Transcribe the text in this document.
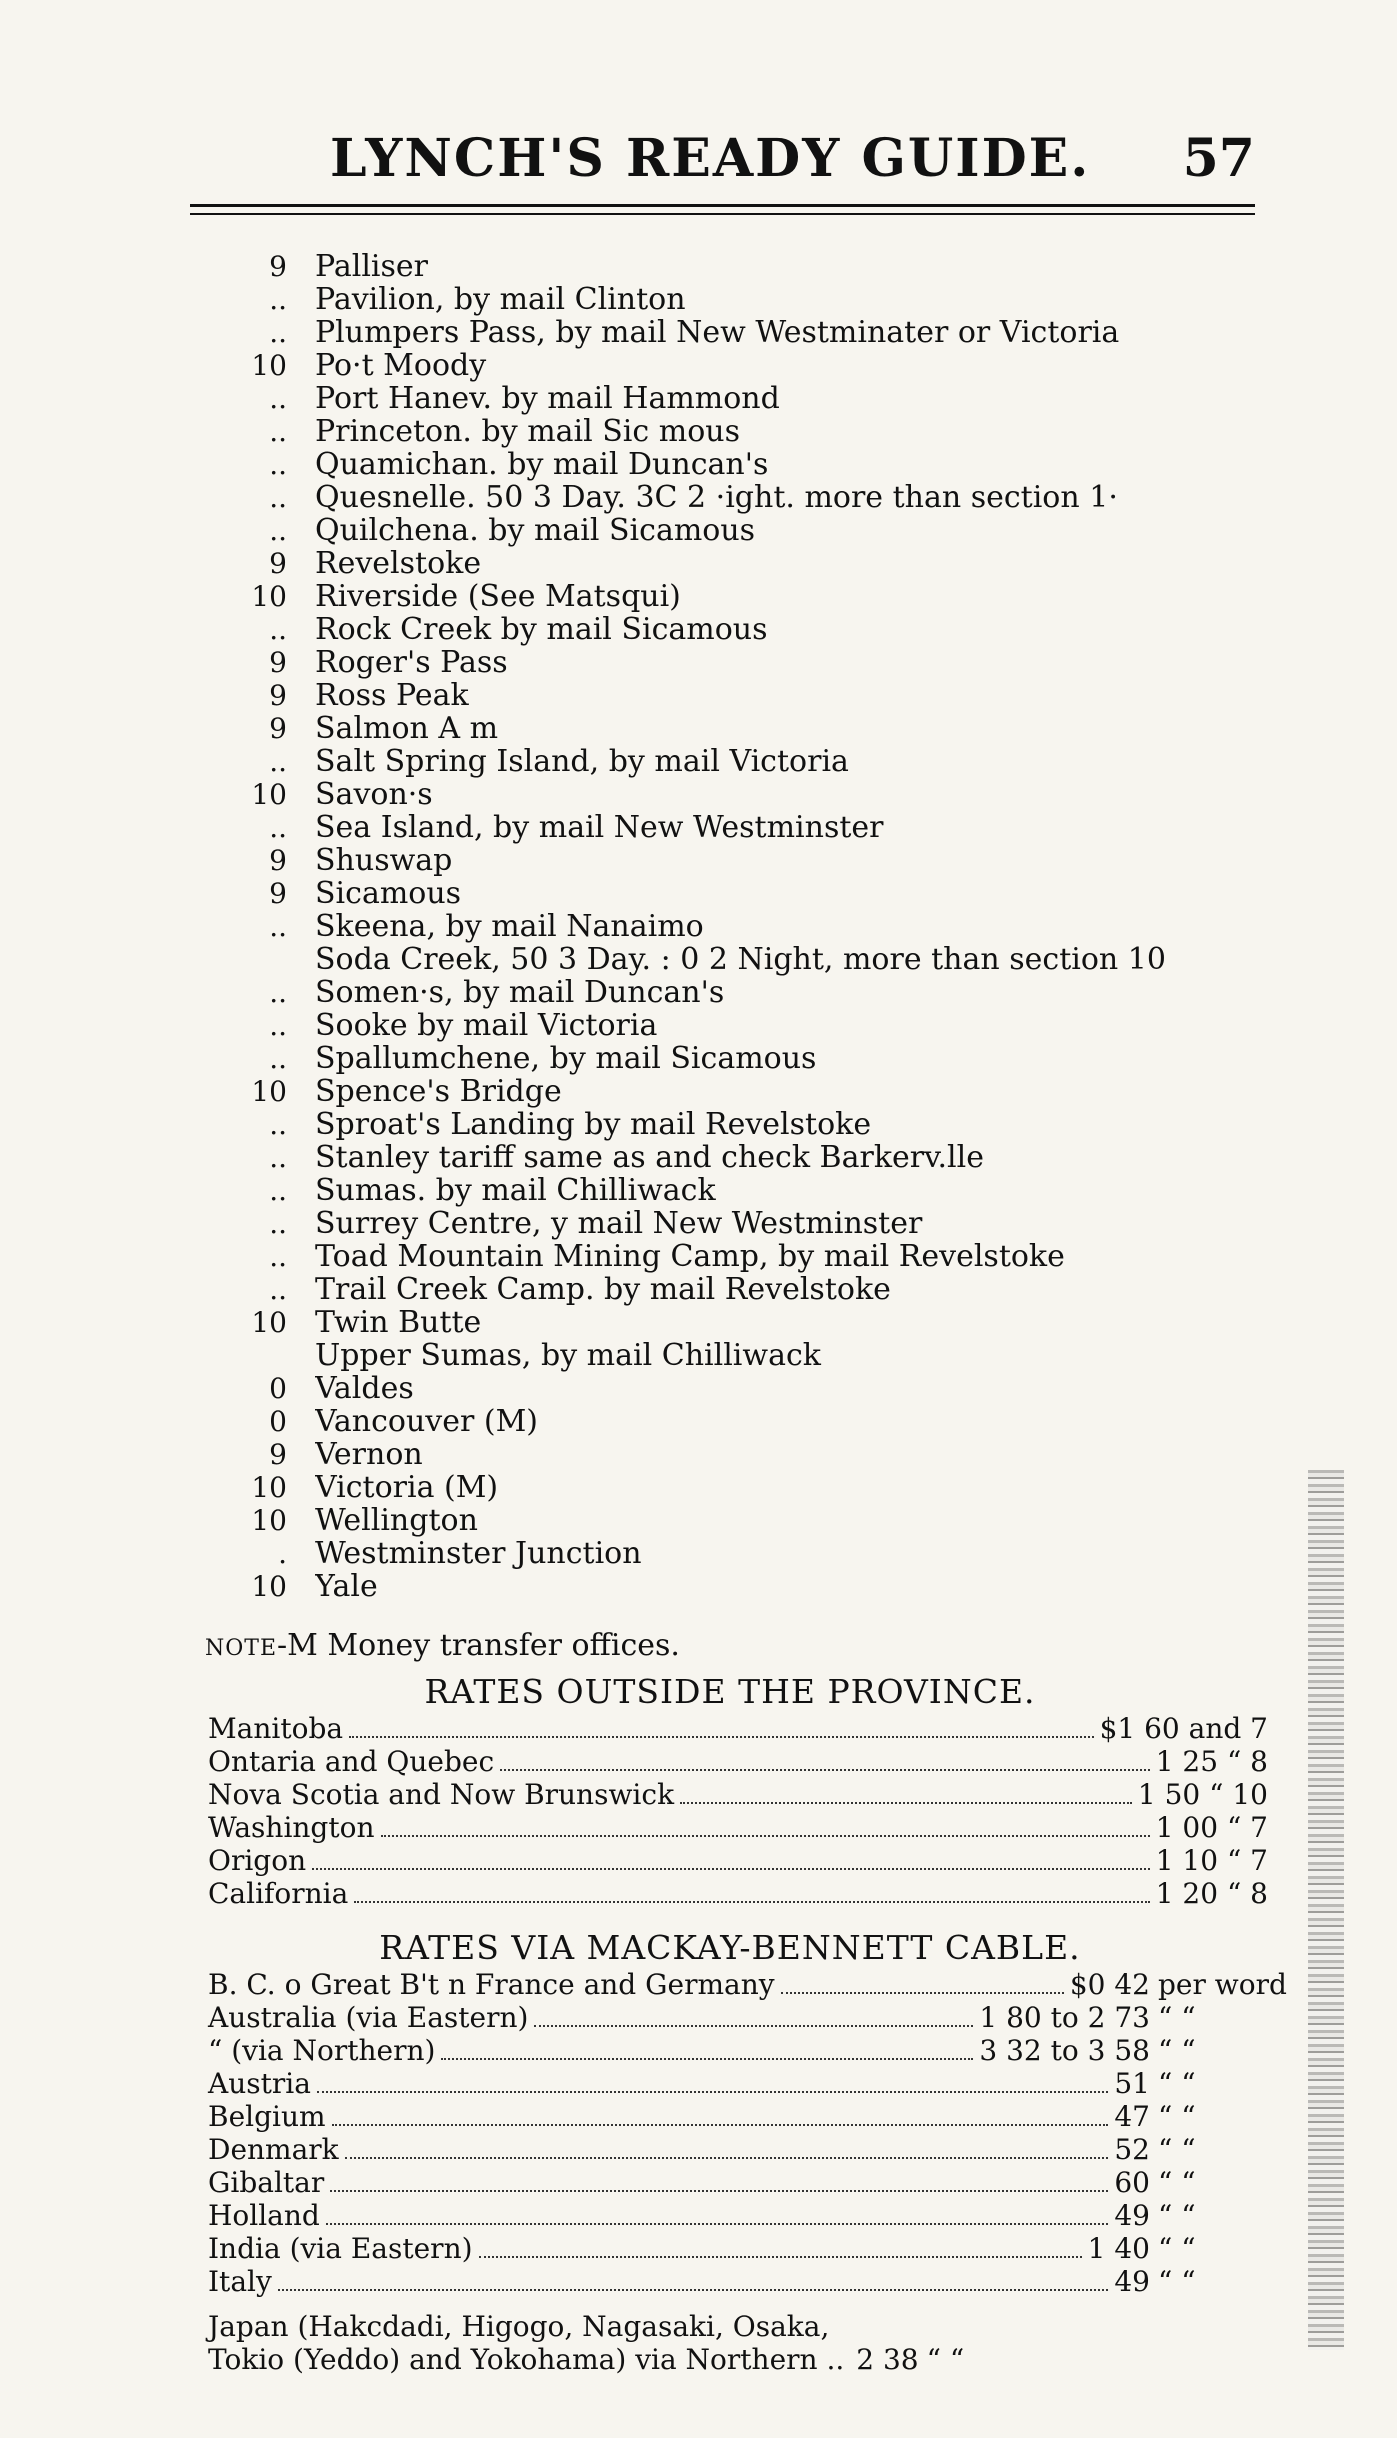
LYNCH'S READY GUIDE. 57
9 Palliser
.. Pavilion, by mail Clinton
.. Plumpers Pass, by mail New Westminater or Victoria
10 Po·t Moody
.. Port Hanev. by mail Hammond
.. Princeton. by mail Sic mous
.. Quamichan. by mail Duncan's
.. Quesnelle. 50 3 Day. 3C 2 ·ight. more than section 1·
.. Quilchena. by mail Sicamous
9 Revelstoke
10 Riverside (See Matsqui)
.. Rock Creek by mail Sicamous
9 Roger's Pass
9 Ross Peak
9 Salmon A m
.. Salt Spring Island, by mail Victoria
10 Savon·s
.. Sea Island, by mail New Westminster
9 Shuswap
9 Sicamous
.. Skeena, by mail Nanaimo
Soda Creek, 50 3 Day. : 0 2 Night, more than section 10
.. Somen·s, by mail Duncan's
.. Sooke by mail Victoria
.. Spallumchene, by mail Sicamous
10 Spence's Bridge
.. Sproat's Landing by mail Revelstoke
.. Stanley tariff same as and check Barkerv.lle
.. Sumas. by mail Chilliwack
.. Surrey Centre, y mail New Westminster
.. Toad Mountain Mining Camp, by mail Revelstoke
.. Trail Creek Camp. by mail Revelstoke
10 Twin Butte
Upper Sumas, by mail Chilliwack
0 Valdes
0 Vancouver (M)
9 Vernon
10 Victoria (M)
10 Wellington
. Westminster Junction
10 Yale
NOTE-M Money transfer offices.
RATES OUTSIDE THE PROVINCE.
Manitoba	$1 60 and 7
Ontaria and Quebec	1 25 “ 8
Nova Scotia and Now Brunswick	1 50 “ 10
Washington	1 00 “ 7
Origon	1 10 “ 7
California	1 20 “ 8
RATES VIA MACKAY-BENNETT CABLE.
B. C. o Great B't n France and Germany	$0 42 per word
Australia (via Eastern)	1 80 to 2 73 “ “
“ (via Northern)	3 32 to 3 58 “ “
Austria	51 “ “
Belgium	47 “ “
Denmark	52 “ “
Gibaltar	60 “ “
Holland	49 “ “
India (via Eastern)	1 40 “ “
Italy	49 “ “
Japan (Hakcdadi, Higogo, Nagasaki, Osaka,
Tokio (Yeddo) and Yokohama) via Northern .. 2 38 “ “
